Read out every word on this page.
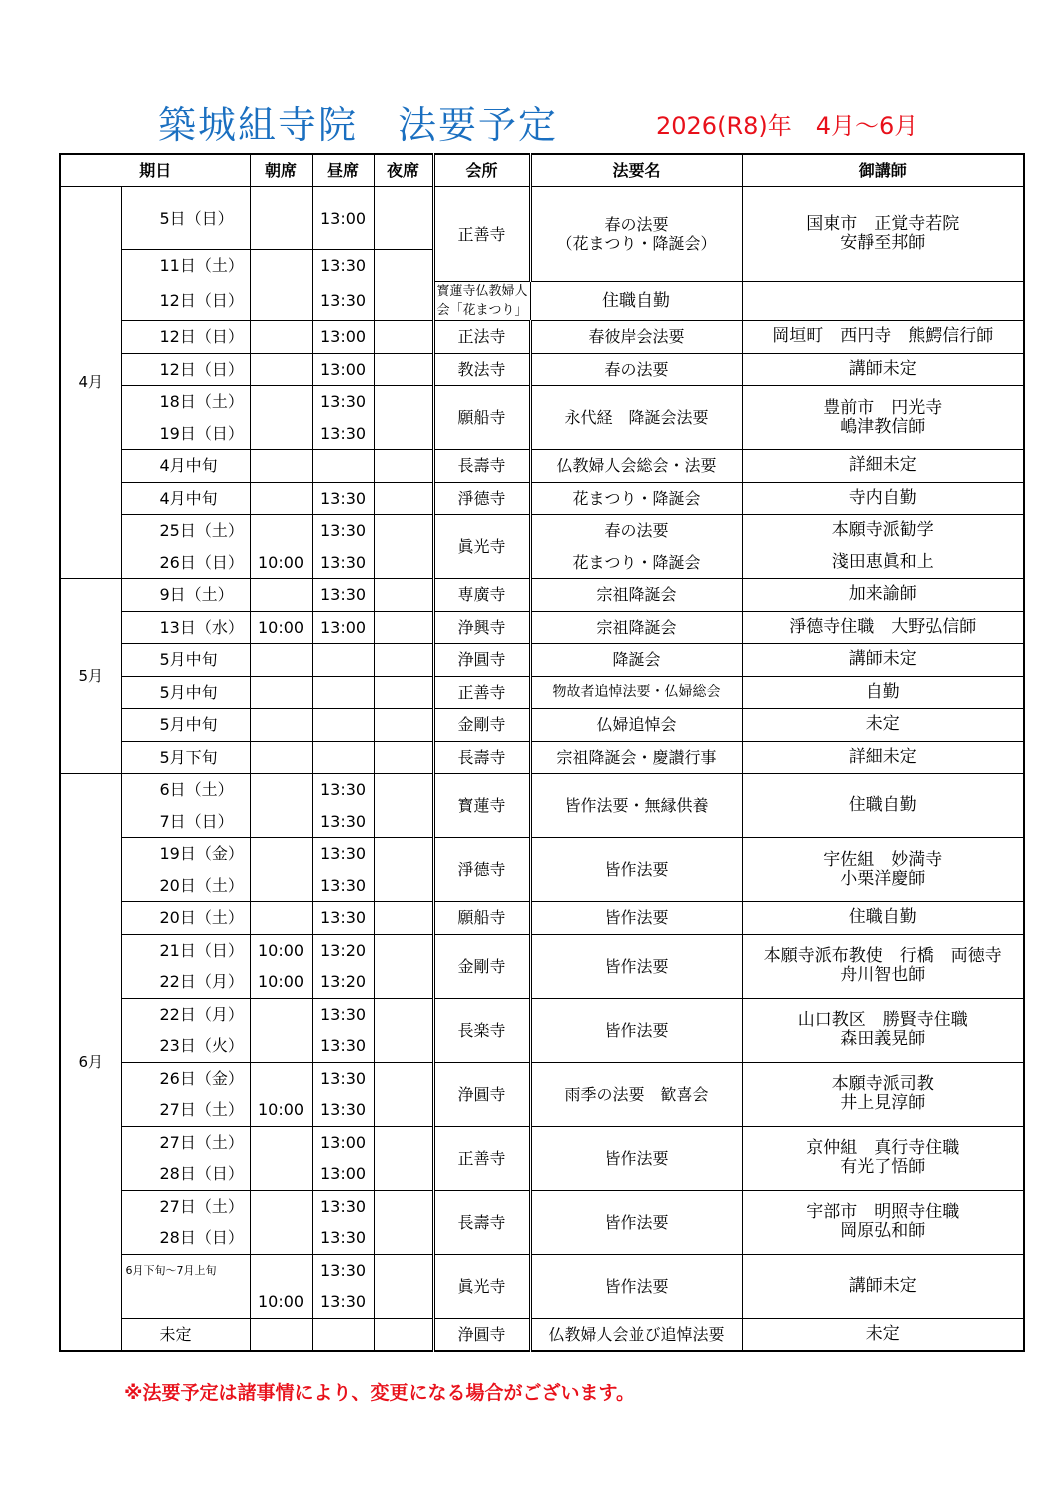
築城組寺院　法要予定	2026(R8)年　4月～6月
期日		朝席	昼席	夜席	会所	法要名	御講師
4月	5日（日）		13:00		正善寺	春の法要
（花まつり・降誕会）	国東市　正覚寺若院
安靜至邦師
	11日（土）		13:30				
	12日（日）		13:30		寳蓮寺仏教婦人会「花まつり」	住職自勤	
	12日（日）		13:00		正法寺	春彼岸会法要	岡垣町　西円寺　熊鰐信行師
	12日（日）		13:00		教法寺	春の法要	講師未定
	18日（土）		13:30		願船寺	永代経　降誕会法要	豊前市　円光寺
嶋津教信師
	19日（日）		13:30				
	4月中旬				長壽寺	仏教婦人会総会・法要	詳細未定
	4月中旬		13:30		淨德寺	花まつり・降誕会	寺内自勤
	25日（土）		13:30		眞光寺	春の法要	本願寺派勧学
	26日（日）	10:00	13:30			花まつり・降誕会	淺田恵眞和上
5月	9日（土）		13:30		専廣寺	宗祖降誕会	加来諭師
	13日（水）	10:00	13:00		浄興寺	宗祖降誕会	淨德寺住職　大野弘信師
	5月中旬				浄圓寺	降誕会	講師未定
	5月中旬				正善寺	物故者追悼法要・仏婦総会	自勤
	5月中旬				金剛寺	仏婦追悼会	未定
	5月下旬				長壽寺	宗祖降誕会・慶讃行事	詳細未定
6月	6日（土）		13:30		寳蓮寺	皆作法要・無縁供養	住職自勤
	7日（日）		13:30				
	19日（金）		13:30		淨德寺	皆作法要	宇佐組　妙満寺
小栗洋慶師
	20日（土）		13:30				
	20日（土）		13:30		願船寺	皆作法要	住職自勤
	21日（日）	10:00	13:20		金剛寺	皆作法要	本願寺派布教使　行橋　両徳寺
舟川智也師
	22日（月）	10:00	13:20				
	22日（月）		13:30		長楽寺	皆作法要	山口教区　勝賢寺住職
森田義晃師
	23日（火）		13:30				
	26日（金）		13:30		浄圓寺	雨季の法要　歓喜会	本願寺派司教
井上見淳師
	27日（土）	10:00	13:30				
	27日（土）		13:00		正善寺	皆作法要	京仲組　真行寺住職
有光了悟師
	28日（日）		13:00				
	27日（土）		13:30		長壽寺	皆作法要	宇部市　明照寺住職
岡原弘和師
	28日（日）		13:30				
	6月下旬～7月上旬		13:30		眞光寺	皆作法要	講師未定
		10:00	13:30				
	未定				浄圓寺	仏教婦人会並び追悼法要	未定
※法要予定は諸事情により、変更になる場合がございます。
